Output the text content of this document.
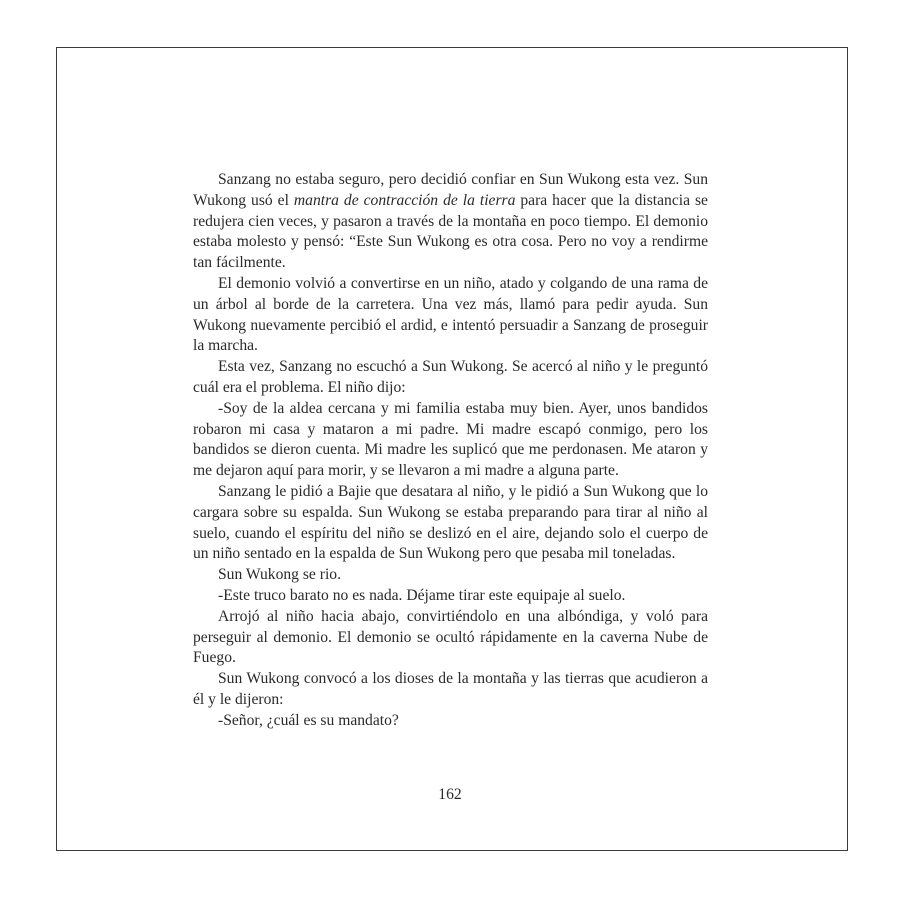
Sanzang no estaba seguro, pero decidió confiar en Sun Wukong esta vez. Sun Wukong usó el mantra de contracción de la tierra para hacer que la distancia se redujera cien veces, y pasaron a través de la montaña en poco tiempo. El demonio estaba molesto y pensó: “Este Sun Wukong es otra cosa. Pero no voy a rendirme tan fácilmente.

El demonio volvió a convertirse en un niño, atado y colgando de una rama de un árbol al borde de la carretera. Una vez más, llamó para pedir ayuda. Sun Wukong nuevamente percibió el ardid, e intentó persuadir a Sanzang de proseguir la marcha.

Esta vez, Sanzang no escuchó a Sun Wukong. Se acercó al niño y le preguntó cuál era el problema. El niño dijo:

-Soy de la aldea cercana y mi familia estaba muy bien. Ayer, unos bandidos robaron mi casa y mataron a mi padre. Mi madre escapó conmigo, pero los bandidos se dieron cuenta. Mi madre les suplicó que me perdonasen. Me ataron y me dejaron aquí para morir, y se llevaron a mi madre a alguna parte.

Sanzang le pidió a Bajie que desatara al niño, y le pidió a Sun Wukong que lo cargara sobre su espalda. Sun Wukong se estaba preparando para tirar al niño al suelo, cuando el espíritu del niño se deslizó en el aire, dejando solo el cuerpo de un niño sentado en la espalda de Sun Wukong pero que pesaba mil toneladas.

Sun Wukong se rio.

-Este truco barato no es nada. Déjame tirar este equipaje al suelo.

Arrojó al niño hacia abajo, convirtiéndolo en una albóndiga, y voló para perseguir al demonio. El demonio se ocultó rápidamente en la caverna Nube de Fuego.

Sun Wukong convocó a los dioses de la montaña y las tierras que acudieron a él y le dijeron:

-Señor, ¿cuál es su mandato?

162
